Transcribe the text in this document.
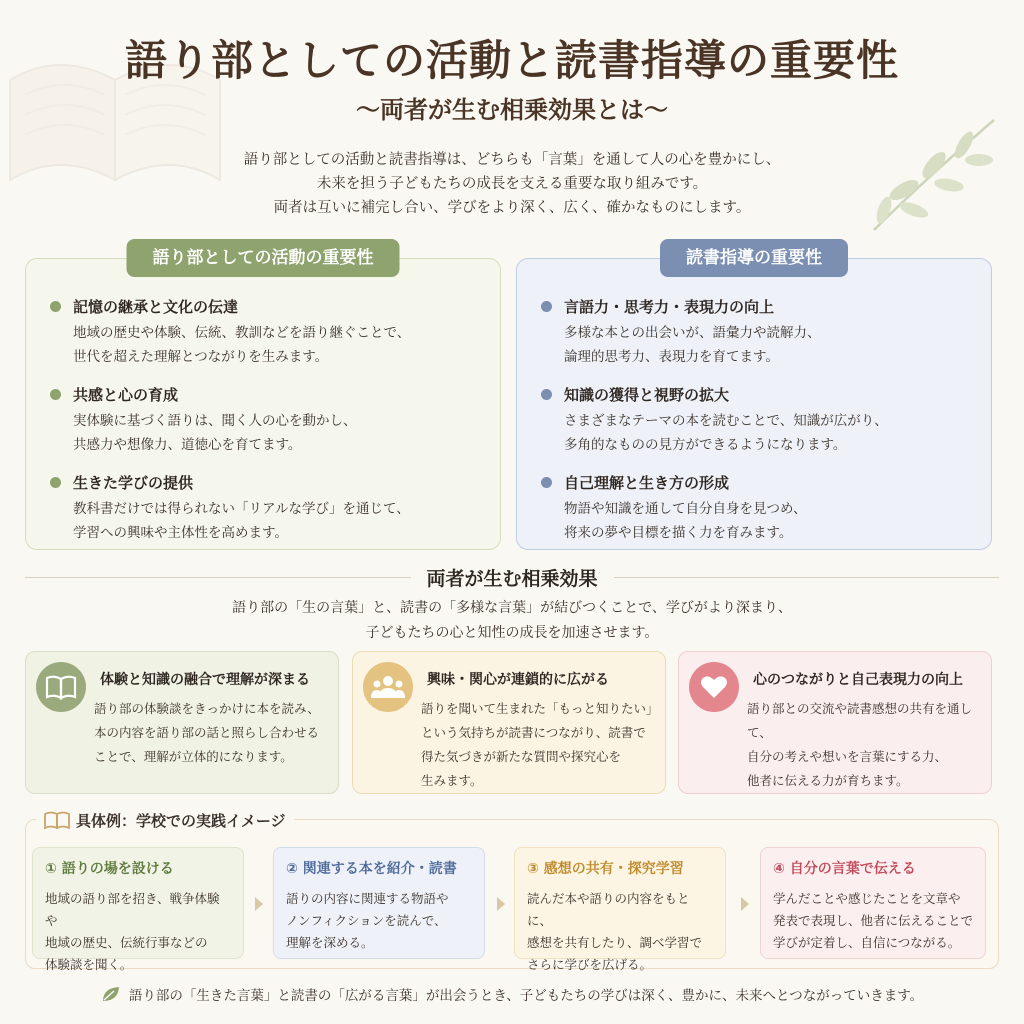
語り部としての活動と読書指導の重要性
〜両者が生む相乗効果とは〜
語り部としての活動と読書指導は、どちらも「言葉」を通して人の心を豊かにし、
未来を担う子どもたちの成長を支える重要な取り組みです。
両者は互いに補完し合い、学びをより深く、広く、確かなものにします。
語り部としての活動の重要性
記憶の継承と文化の伝達
地域の歴史や体験、伝統、教訓などを語り継ぐことで、
世代を超えた理解とつながりを生みます。
共感と心の育成
実体験に基づく語りは、聞く人の心を動かし、
共感力や想像力、道徳心を育てます。
生きた学びの提供
教科書だけでは得られない「リアルな学び」を通じて、
学習への興味や主体性を高めます。
読書指導の重要性
言語力・思考力・表現力の向上
多様な本との出会いが、語彙力や読解力、
論理的思考力、表現力を育てます。
知識の獲得と視野の拡大
さまざまなテーマの本を読むことで、知識が広がり、
多角的なものの見方ができるようになります。
自己理解と生き方の形成
物語や知識を通して自分自身を見つめ、
将来の夢や目標を描く力を育みます。
両者が生む相乗効果
語り部の「生の言葉」と、読書の「多様な言葉」が結びつくことで、学びがより深まり、
子どもたちの心と知性の成長を加速させます。
体験と知識の融合で理解が深まる
語り部の体験談をきっかけに本を読み、
本の内容を語り部の話と照らし合わせる
ことで、理解が立体的になります。
興味・関心が連鎖的に広がる
語りを聞いて生まれた「もっと知りたい」
という気持ちが読書につながり、読書で
得た気づきが新たな質問や探究心を
生みます。
心のつながりと自己表現力の向上
語り部との交流や読書感想の共有を通して、
自分の考えや想いを言葉にする力、
他者に伝える力が育ちます。
具体例：学校での実践イメージ
① 語りの場を設ける
地域の語り部を招き、戦争体験や
地域の歴史、伝統行事などの
体験談を聞く。
② 関連する本を紹介・読書
語りの内容に関連する物語や
ノンフィクションを読んで、
理解を深める。
③ 感想の共有・探究学習
読んだ本や語りの内容をもとに、
感想を共有したり、調べ学習で
さらに学びを広げる。
④ 自分の言葉で伝える
学んだことや感じたことを文章や
発表で表現し、他者に伝えることで
学びが定着し、自信につながる。
語り部の「生きた言葉」と読書の「広がる言葉」が出会うとき、子どもたちの学びは深く、豊かに、未来へとつながっていきます。
